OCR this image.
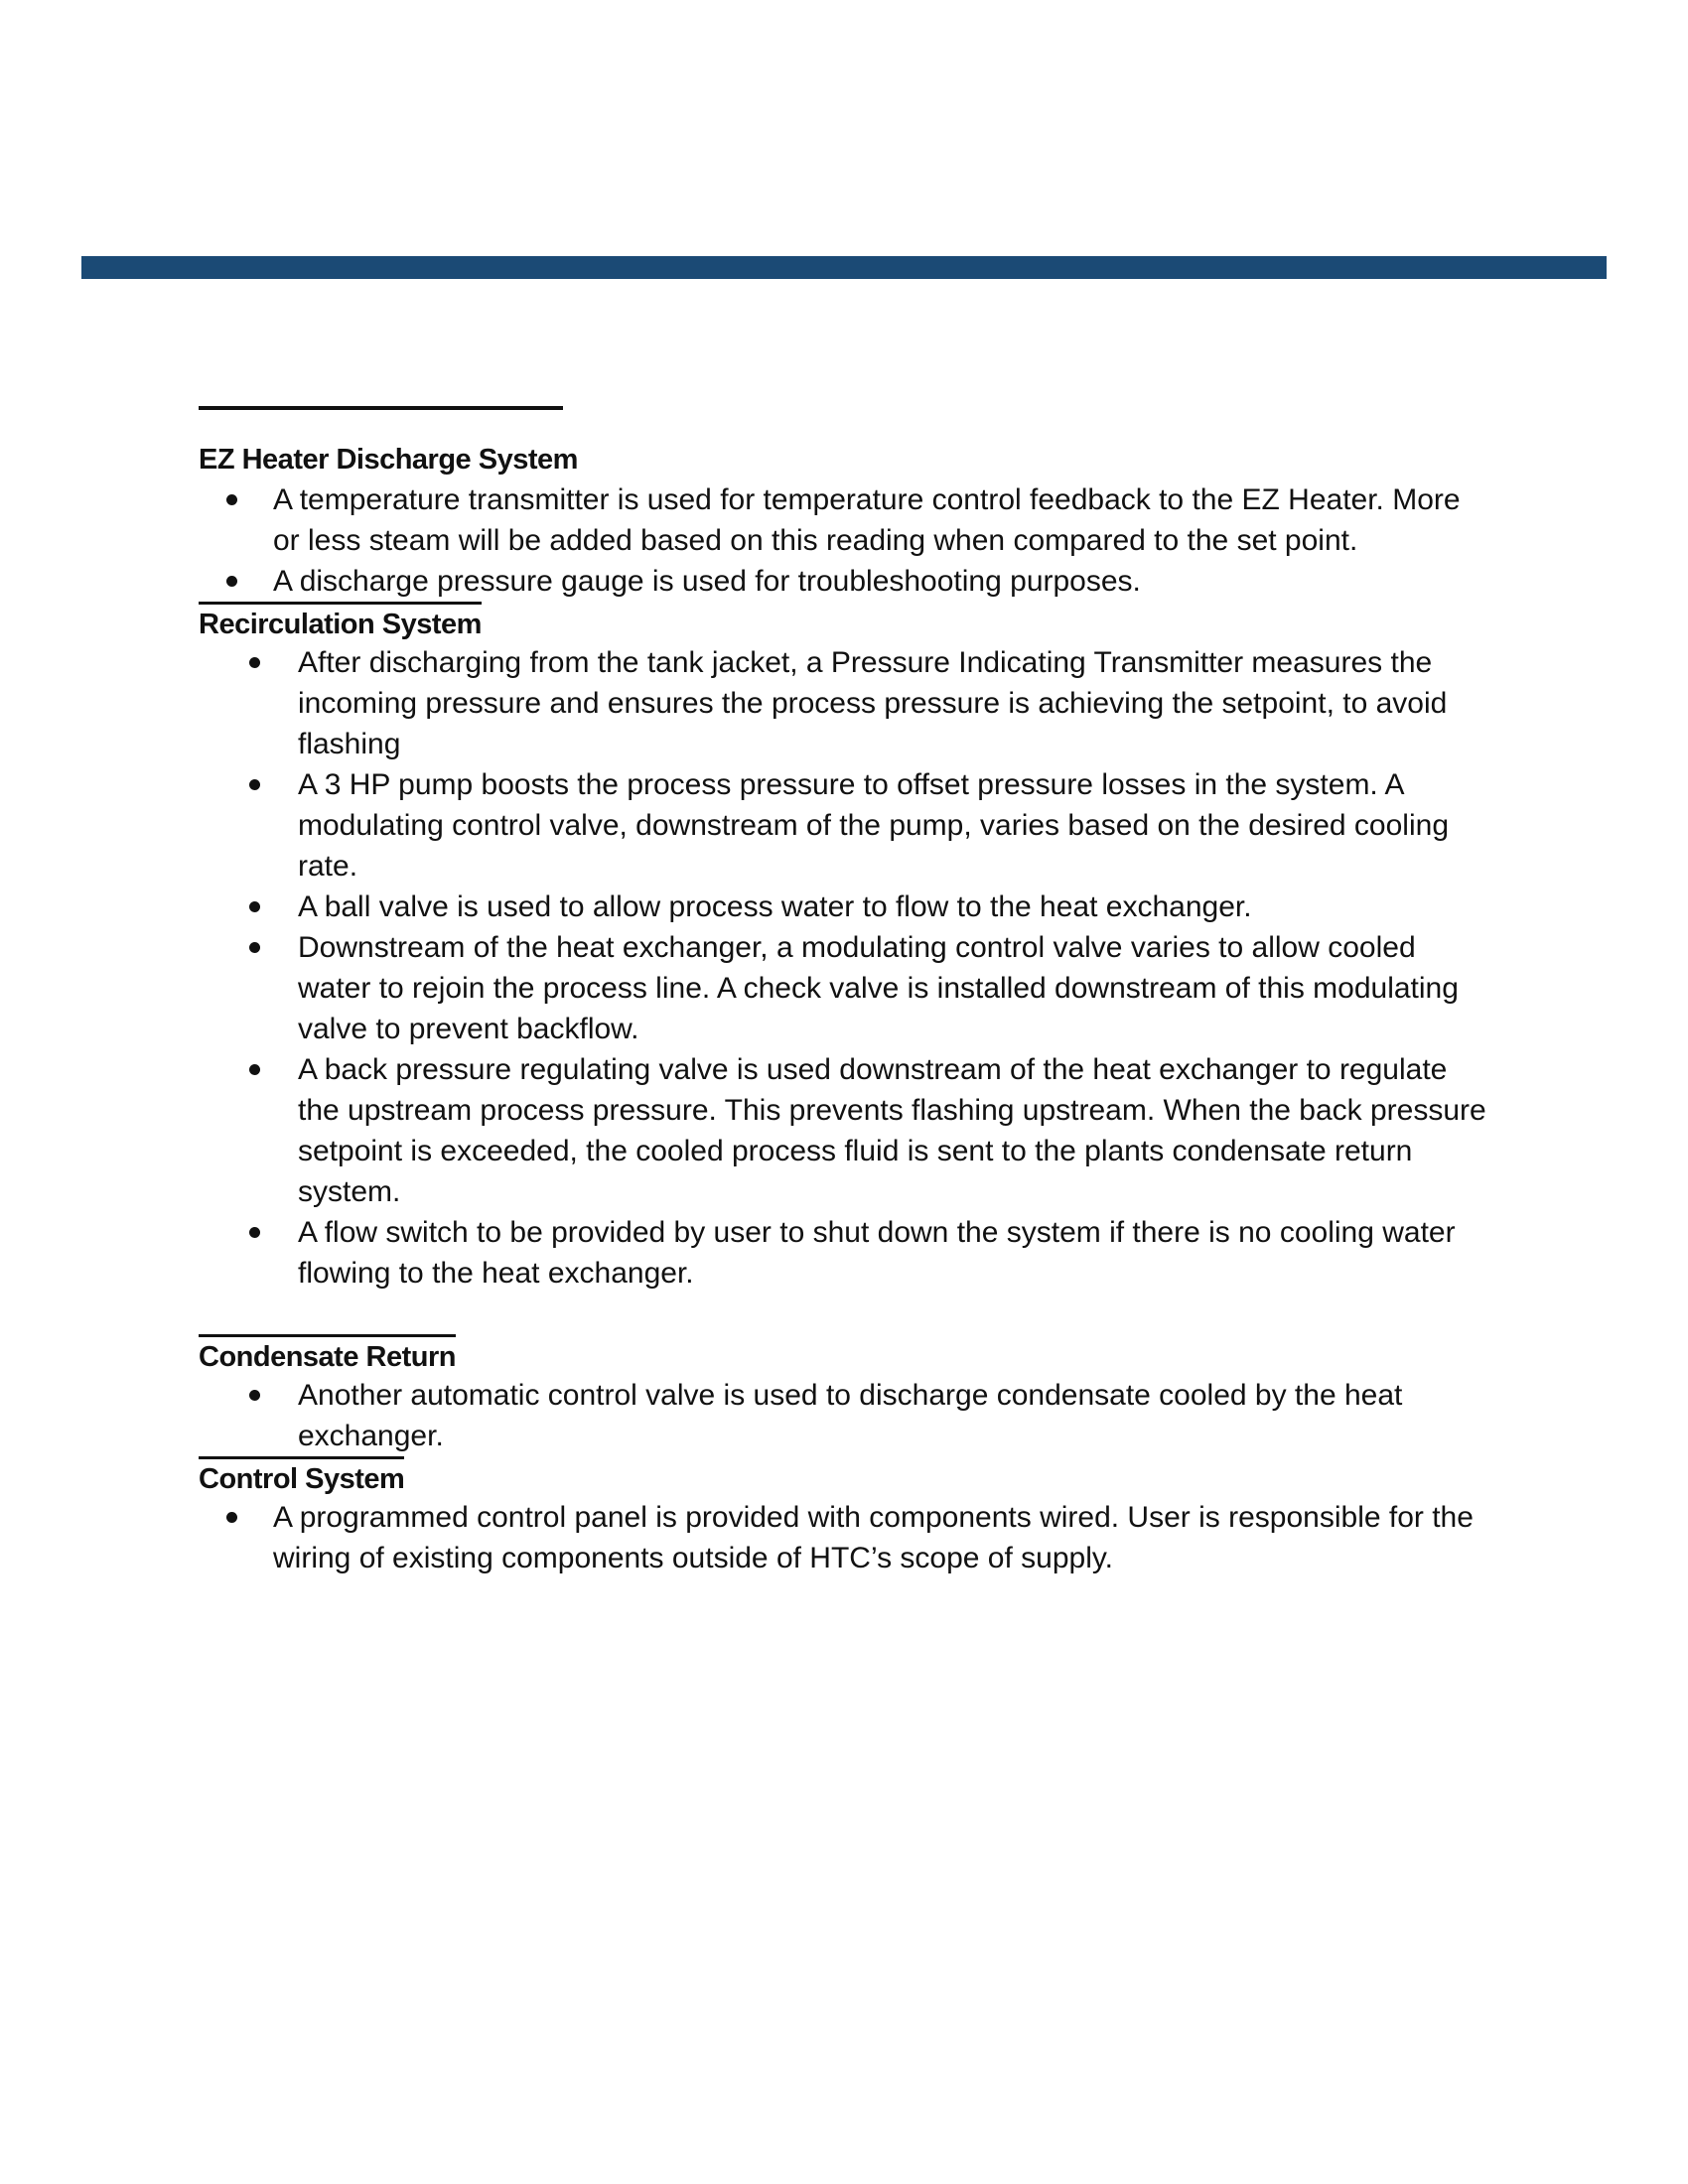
EZ Heater Discharge System
A temperature transmitter is used for temperature control feedback to the EZ Heater. More or less steam will be added based on this reading when compared to the set point.
A discharge pressure gauge is used for troubleshooting purposes.
Recirculation System
After discharging from the tank jacket, a Pressure Indicating Transmitter measures the incoming pressure and ensures the process pressure is achieving the setpoint, to avoid flashing
A 3 HP pump boosts the process pressure to offset pressure losses in the system. A modulating control valve, downstream of the pump, varies based on the desired cooling rate.
A ball valve is used to allow process water to flow to the heat exchanger.
Downstream of the heat exchanger, a modulating control valve varies to allow cooled water to rejoin the process line. A check valve is installed downstream of this modulating valve to prevent backflow.
A back pressure regulating valve is used downstream of the heat exchanger to regulate the upstream process pressure. This prevents flashing upstream. When the back pressure setpoint is exceeded, the cooled process fluid is sent to the plants condensate return system.
A flow switch to be provided by user to shut down the system if there is no cooling water flowing to the heat exchanger.
Condensate Return
Another automatic control valve is used to discharge condensate cooled by the heat exchanger.
Control System
A programmed control panel is provided with components wired. User is responsible for the wiring of existing components outside of HTC’s scope of supply.
